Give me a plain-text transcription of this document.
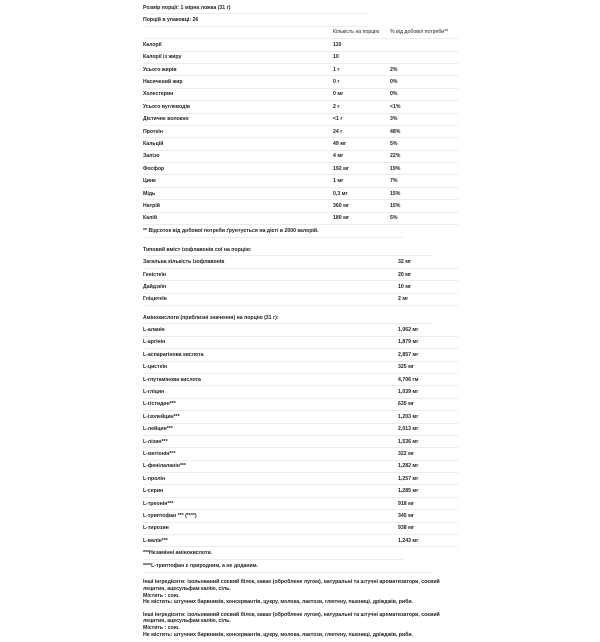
Розмір порції: 1 мірна ложка (31 г)
Порцій в упаковці: 26
Кількість на порцію	% від добової потреби**
Калорії	110
Калорії із жиру	10
Усього жирів	1 г	2%
Насичений жир	0 г	0%
Холестерин	0 мг	0%
Усього вуглеводів	2 г	<1%
Дієтичне волокно	<1 г	3%
Протеїн	24 г	48%
Кальцій	49 мг	5%
Залізо	4 мг	22%
Фосфор	192 мг	19%
Цинк	1 мг	7%
Мідь	0,3 мг	15%
Натрій	360 мг	15%
Калій	180 мг	5%
** Відсоток від добової потреби ґрунтується на дієті в 2000 калорій.
Типовий вміст ізофлавонів сої на порцію:
Загальна кількість ізофлавонів	32 мг
Геністеїн	20 мг
Дайдзеїн	10 мг
Гліцитеїн	2 мг
Амінокислоти (приблизні значення) на порцію (31 г):
L-аланін	1,062 мг
L-аргінін	1,879 мг
L-аспарагінова кислота	2,857 мг
L-цистеїн	325 мг
L-глутамінова кислота	4,706 гм
L-гліцин	1,039 мг
L-гістидин***	635 мг
L-ізолейцин***	1,203 мг
L-лейцин***	2,013 мг
L-лізин***	1,536 мг
L-метіонін***	322 мг
L-фенілаланін***	1,282 мг
L-пролін	1,257 мг
L-серин	1,285 мг
L-треонін***	918 мг
L-триптофан *** (****)	345 мг
L-тирозин	938 мг
L-валін***	1,243 мг
***Незамінні амінокислоти.
****L-триптофан є природним, а не доданим.

Інші інгредієнти: ізольований соєвий білок, какао (оброблене лугом), натуральні та штучні ароматизатори, соєвий лецитин, ацесульфам калію, сіль.
Містить : сою.
Не містить: штучних барвників, консервантів, цукру, молока, лактози, глютену, пшениці, дріжджів, риби.

Інші інгредієнти: ізольований соєвий білок, какао (оброблене лугом), натуральні та штучні ароматизатори, соєвий лецитин, ацесульфам калію, сіль.
Містить : сою.
Не містить: штучних барвників, консервантів, цукру, молока, лактози, глютену, пшениці, дріжджів, риби.
